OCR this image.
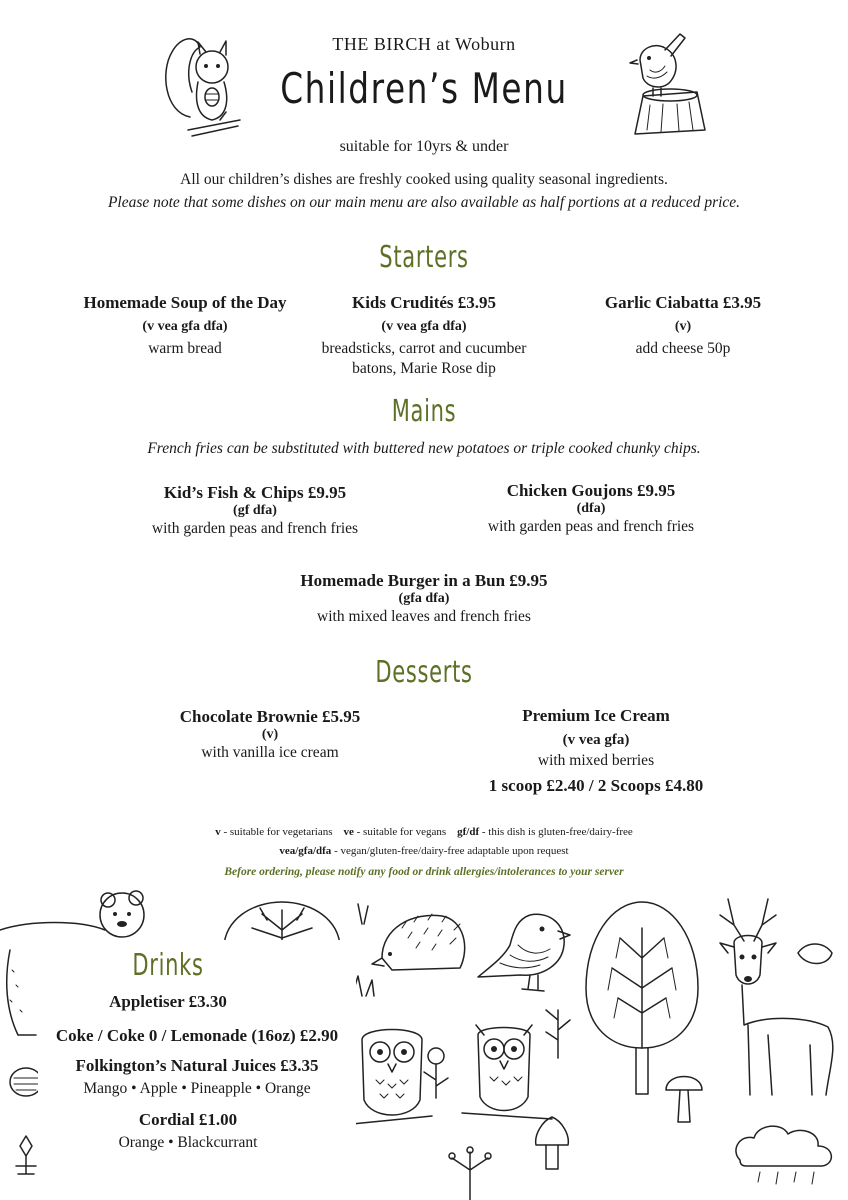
THE BIRCH at Woburn
Children’s Menu
suitable for 10yrs & under
All our children’s dishes are freshly cooked using quality seasonal ingredients.
Please note that some dishes on our main menu are also available as half portions at a reduced price.
Starters
Homemade Soup of the Day
(v vea gfa dfa)
warm bread
Kids Crudités £3.95
(v vea gfa dfa)
breadsticks, carrot and cucumber batons, Marie Rose dip
Garlic Ciabatta £3.95
(v)
add cheese 50p
Mains
French fries can be substituted with buttered new potatoes or triple cooked chunky chips.
Kid’s Fish & Chips £9.95
(gf dfa)
with garden peas and french fries
Chicken Goujons £9.95
(dfa)
with garden peas and french fries
Homemade Burger in a Bun £9.95
(gfa dfa)
with mixed leaves and french fries
Desserts
Chocolate Brownie £5.95
(v)
with vanilla ice cream
Premium Ice Cream
(v vea gfa)
with mixed berries
1 scoop £2.40 / 2 Scoops £4.80
v - suitable for vegetarians ve - suitable for vegans gf/df - this dish is gluten-free/dairy-free
vea/gfa/dfa - vegan/gluten-free/dairy-free adaptable upon request
Before ordering, please notify any food or drink allergies/intolerances to your server
Drinks
Appletiser £3.30
Coke / Coke 0 / Lemonade (16oz) £2.90
Folkington’s Natural Juices £3.35
Mango • Apple • Pineapple • Orange
Cordial £1.00
Orange • Blackcurrant
